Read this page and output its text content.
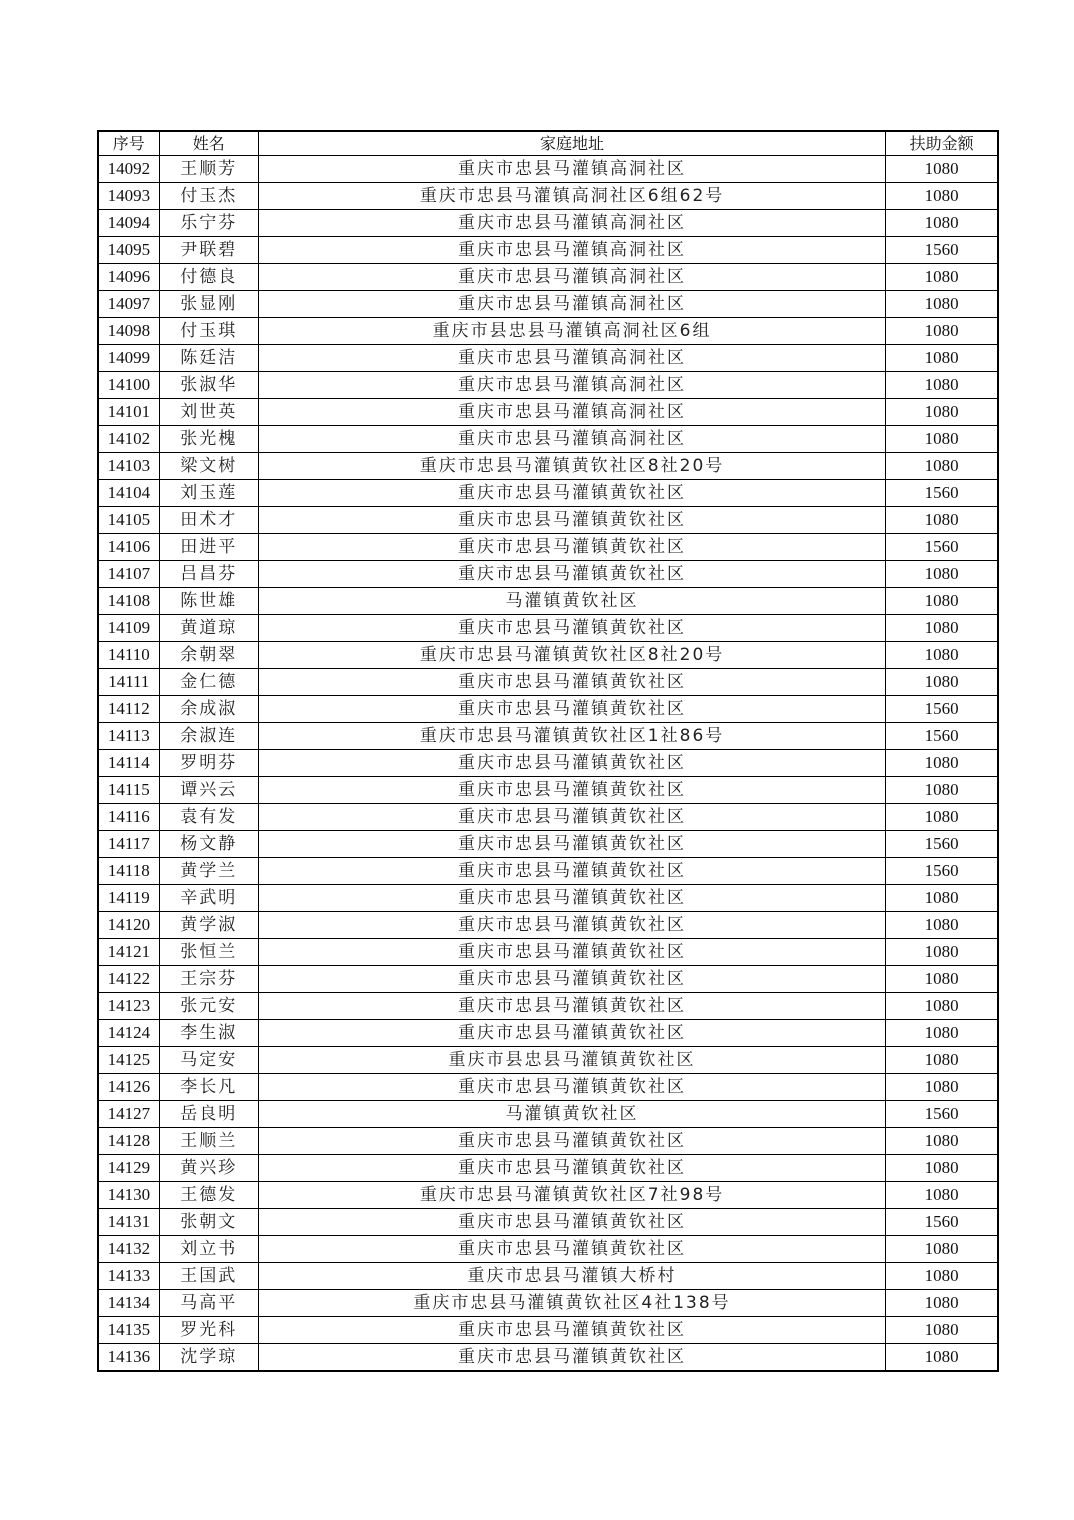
序号	姓名	家庭地址	扶助金额
14092	王顺芳	重庆市忠县马灌镇高洞社区	1080
14093	付玉杰	重庆市忠县马灌镇高洞社区6组62号	1080
14094	乐宁芬	重庆市忠县马灌镇高洞社区	1080
14095	尹联碧	重庆市忠县马灌镇高洞社区	1560
14096	付德良	重庆市忠县马灌镇高洞社区	1080
14097	张显刚	重庆市忠县马灌镇高洞社区	1080
14098	付玉琪	重庆市县忠县马灌镇高洞社区6组	1080
14099	陈廷洁	重庆市忠县马灌镇高洞社区	1080
14100	张淑华	重庆市忠县马灌镇高洞社区	1080
14101	刘世英	重庆市忠县马灌镇高洞社区	1080
14102	张光槐	重庆市忠县马灌镇高洞社区	1080
14103	梁文树	重庆市忠县马灌镇黄钦社区8社20号	1080
14104	刘玉莲	重庆市忠县马灌镇黄钦社区	1560
14105	田术才	重庆市忠县马灌镇黄钦社区	1080
14106	田进平	重庆市忠县马灌镇黄钦社区	1560
14107	吕昌芬	重庆市忠县马灌镇黄钦社区	1080
14108	陈世雄	马灌镇黄钦社区	1080
14109	黄道琼	重庆市忠县马灌镇黄钦社区	1080
14110	余朝翠	重庆市忠县马灌镇黄钦社区8社20号	1080
14111	金仁德	重庆市忠县马灌镇黄钦社区	1080
14112	余成淑	重庆市忠县马灌镇黄钦社区	1560
14113	余淑连	重庆市忠县马灌镇黄钦社区1社86号	1560
14114	罗明芬	重庆市忠县马灌镇黄钦社区	1080
14115	谭兴云	重庆市忠县马灌镇黄钦社区	1080
14116	袁有发	重庆市忠县马灌镇黄钦社区	1080
14117	杨文静	重庆市忠县马灌镇黄钦社区	1560
14118	黄学兰	重庆市忠县马灌镇黄钦社区	1560
14119	辛武明	重庆市忠县马灌镇黄钦社区	1080
14120	黄学淑	重庆市忠县马灌镇黄钦社区	1080
14121	张恒兰	重庆市忠县马灌镇黄钦社区	1080
14122	王宗芬	重庆市忠县马灌镇黄钦社区	1080
14123	张元安	重庆市忠县马灌镇黄钦社区	1080
14124	李生淑	重庆市忠县马灌镇黄钦社区	1080
14125	马定安	重庆市县忠县马灌镇黄钦社区	1080
14126	李长凡	重庆市忠县马灌镇黄钦社区	1080
14127	岳良明	马灌镇黄钦社区	1560
14128	王顺兰	重庆市忠县马灌镇黄钦社区	1080
14129	黄兴珍	重庆市忠县马灌镇黄钦社区	1080
14130	王德发	重庆市忠县马灌镇黄钦社区7社98号	1080
14131	张朝文	重庆市忠县马灌镇黄钦社区	1560
14132	刘立书	重庆市忠县马灌镇黄钦社区	1080
14133	王国武	重庆市忠县马灌镇大桥村	1080
14134	马高平	重庆市忠县马灌镇黄钦社区4社138号	1080
14135	罗光科	重庆市忠县马灌镇黄钦社区	1080
14136	沈学琼	重庆市忠县马灌镇黄钦社区	1080
